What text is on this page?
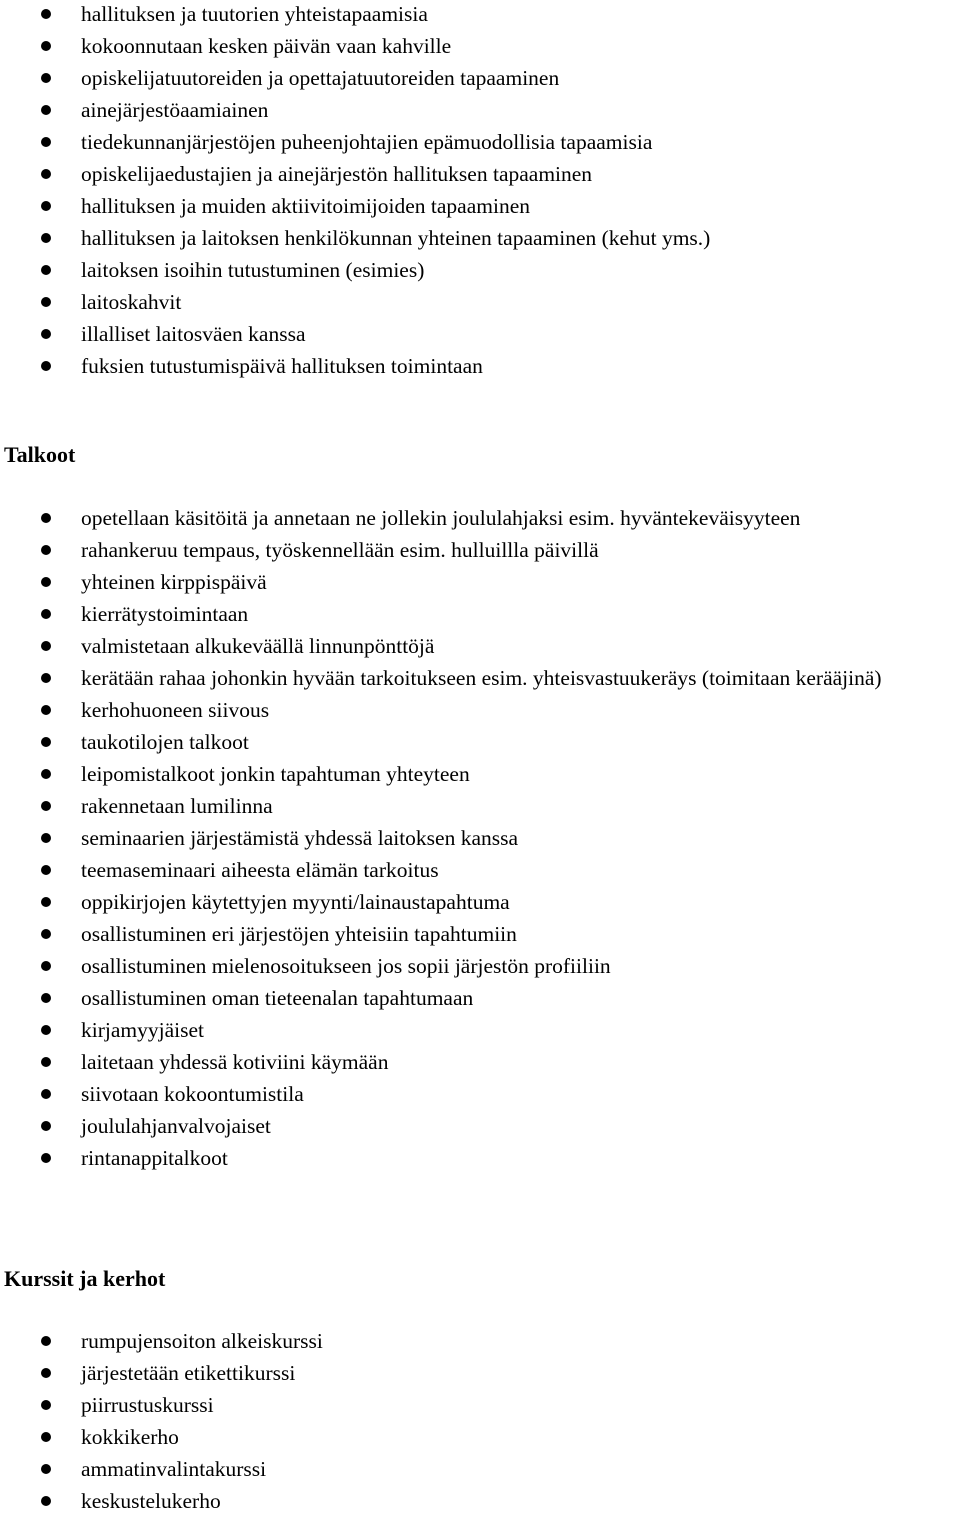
hallituksen ja tuutorien yhteistapaamisia
kokoonnutaan kesken päivän vaan kahville
opiskelijatuutoreiden ja opettajatuutoreiden tapaaminen
ainejärjestöaamiainen
tiedekunnanjärjestöjen puheenjohtajien epämuodollisia tapaamisia
opiskelijaedustajien ja ainejärjestön hallituksen tapaaminen
hallituksen ja muiden aktiivitoimijoiden tapaaminen
hallituksen ja laitoksen henkilökunnan yhteinen tapaaminen (kehut yms.)
laitoksen isoihin tutustuminen (esimies)
laitoskahvit
illalliset laitosväen kanssa
fuksien tutustumispäivä hallituksen toimintaan
Talkoot
opetellaan käsitöitä ja annetaan ne jollekin joululahjaksi esim. hyväntekeväisyyteen
rahankeruu tempaus, työskennellään esim. hulluillla päivillä
yhteinen kirppispäivä
kierrätystoimintaan
valmistetaan alkukeväällä linnunpönttöjä
kerätään rahaa johonkin hyvään tarkoitukseen esim. yhteisvastuukeräys (toimitaan kerääjinä)
kerhohuoneen siivous
taukotilojen talkoot
leipomistalkoot jonkin tapahtuman yhteyteen
rakennetaan lumilinna
seminaarien järjestämistä yhdessä laitoksen kanssa
teemaseminaari aiheesta elämän tarkoitus
oppikirjojen käytettyjen myynti/lainaustapahtuma
osallistuminen eri järjestöjen yhteisiin tapahtumiin
osallistuminen mielenosoitukseen jos sopii järjestön profiiliin
osallistuminen oman tieteenalan tapahtumaan
kirjamyyjäiset
laitetaan yhdessä kotiviini käymään
siivotaan kokoontumistila
joululahjanvalvojaiset
rintanappitalkoot
Kurssit ja kerhot
rumpujensoiton alkeiskurssi
järjestetään etikettikurssi
piirrustuskurssi
kokkikerho
ammatinvalintakurssi
keskustelukerho
